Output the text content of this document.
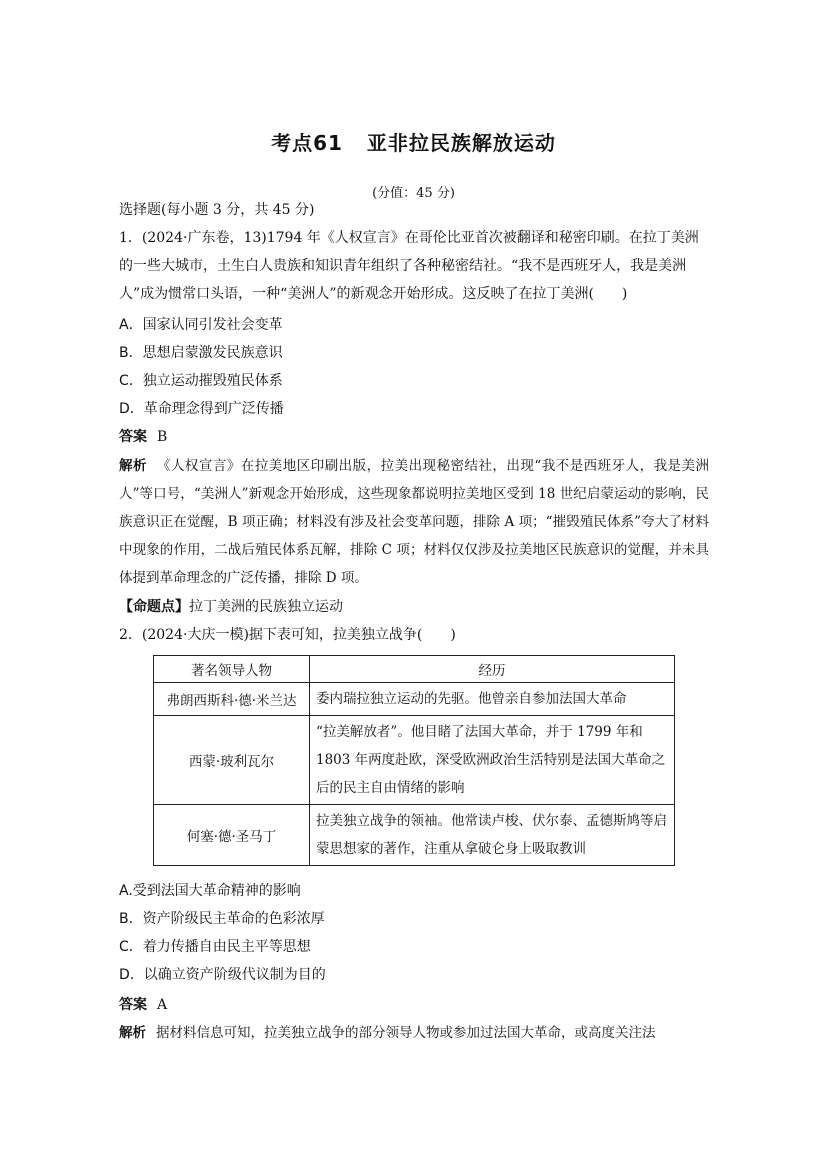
考点61 亚非拉民族解放运动
(分值：45 分)
选择题(每小题 3 分，共 45 分)
1．(2024·广东卷，13)1794 年《人权宣言》在哥伦比亚首次被翻译和秘密印刷。在拉丁美洲的一些大城市，土生白人贵族和知识青年组织了各种秘密结社。“我不是西班牙人，我是美洲人”成为惯常口头语，一种“美洲人”的新观念开始形成。这反映了在拉丁美洲(　　)
A．国家认同引发社会变革
B．思想启蒙激发民族意识
C．独立运动摧毁殖民体系
D．革命理念得到广泛传播
答案 B
解析 《人权宣言》在拉美地区印刷出版，拉美出现秘密结社，出现“我不是西班牙人，我是美洲人”等口号，“美洲人”新观念开始形成，这些现象都说明拉美地区受到 18 世纪启蒙运动的影响，民族意识正在觉醒，B 项正确；材料没有涉及社会变革问题，排除 A 项；“摧毁殖民体系”夸大了材料中现象的作用，二战后殖民体系瓦解，排除 C 项；材料仅仅涉及拉美地区民族意识的觉醒，并未具体提到革命理念的广泛传播，排除 D 项。
【命题点】拉丁美洲的民族独立运动
2．(2024·大庆一模)据下表可知，拉美独立战争(　　)
著名领导人物	经历
弗朗西斯科·德·米兰达	委内瑞拉独立运动的先驱。他曾亲自参加法国大革命
西蒙·玻利瓦尔	“拉美解放者”。他目睹了法国大革命，并于 1799 年和 1803 年两度赴欧，深受欧洲政治生活特别是法国大革命之后的民主自由情绪的影响
何塞·德·圣马丁	拉美独立战争的领袖。他常读卢梭、伏尔泰、孟德斯鸠等启蒙思想家的著作，注重从拿破仑身上吸取教训
A.受到法国大革命精神的影响
B．资产阶级民主革命的色彩浓厚
C．着力传播自由民主平等思想
D．以确立资产阶级代议制为目的
答案 A
解析 据材料信息可知，拉美独立战争的部分领导人物或参加过法国大革命，或高度关注法
